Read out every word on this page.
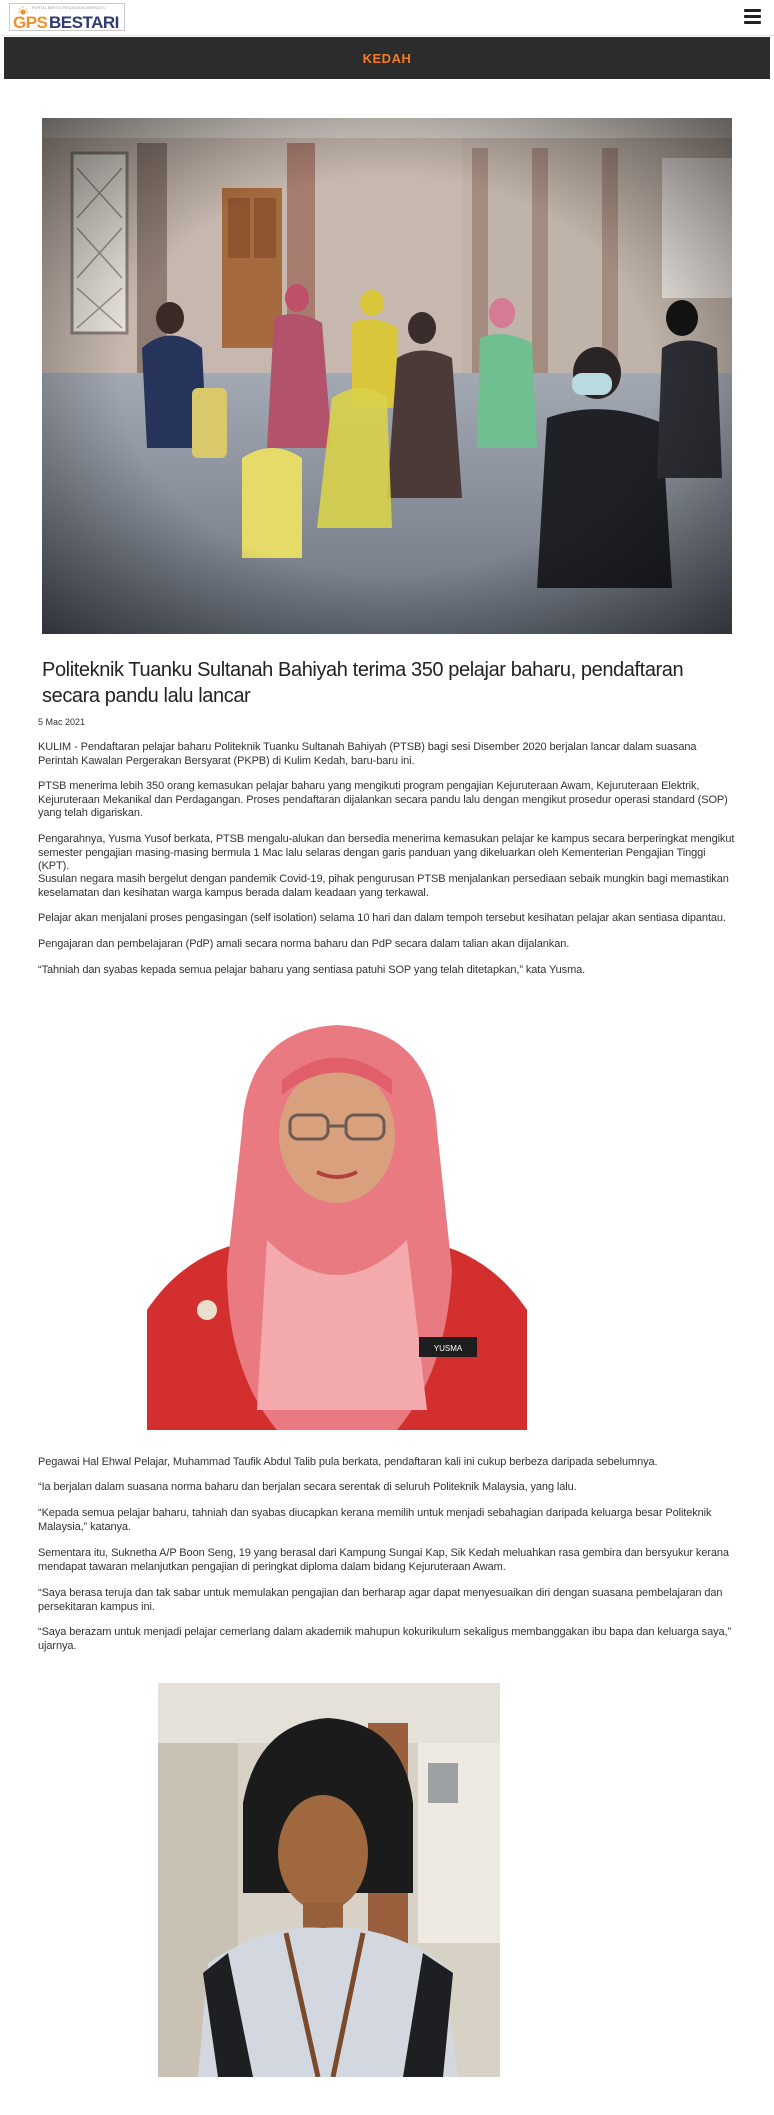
PORTAL BERITA PENDIDIKAN BERMUTU
GPS BESTARI
KEDAH
Politeknik Tuanku Sultanah Bahiyah terima 350 pelajar baharu, pendaftaran secara pandu lalu lancar
5 Mac 2021

KULIM - Pendaftaran pelajar baharu Politeknik Tuanku Sultanah Bahiyah (PTSB) bagi sesi Disember 2020 berjalan lancar dalam suasana Perintah Kawalan Pergerakan Bersyarat (PKPB) di Kulim Kedah, baru-baru ini.

PTSB menerima lebih 350 orang kemasukan pelajar baharu yang mengikuti program pengajian Kejuruteraan Awam, Kejuruteraan Elektrik, Kejuruteraan Mekanikal dan Perdagangan. Proses pendaftaran dijalankan secara pandu lalu dengan mengikut prosedur operasi standard (SOP) yang telah digariskan.

Pengarahnya, Yusma Yusof berkata, PTSB mengalu-alukan dan bersedia menerima kemasukan pelajar ke kampus secara berperingkat mengikut semester pengajian masing-masing bermula 1 Mac lalu selaras dengan garis panduan yang dikeluarkan oleh Kementerian Pengajian Tinggi (KPT).

Susulan negara masih bergelut dengan pandemik Covid-19, pihak pengurusan PTSB menjalankan persediaan sebaik mungkin bagi memastikan keselamatan dan kesihatan warga kampus berada dalam keadaan yang terkawal.

Pelajar akan menjalani proses pengasingan (self isolation) selama 10 hari dan dalam tempoh tersebut kesihatan pelajar akan sentiasa dipantau.

Pengajaran dan pembelajaran (PdP) amali secara norma baharu dan PdP secara dalam talian akan dijalankan.

“Tahniah dan syabas kepada semua pelajar baharu yang sentiasa patuhi SOP yang telah ditetapkan,” kata Yusma.

YUSMA

Pegawai Hal Ehwal Pelajar, Muhammad Taufik Abdul Talib pula berkata, pendaftaran kali ini cukup berbeza daripada sebelumnya.

“Ia berjalan dalam suasana norma baharu dan berjalan secara serentak di seluruh Politeknik Malaysia, yang lalu.

“Kepada semua pelajar baharu, tahniah dan syabas diucapkan kerana memilih untuk menjadi sebahagian daripada keluarga besar Politeknik Malaysia,” katanya.

Sementara itu, Suknetha A/P Boon Seng, 19 yang berasal dari Kampung Sungai Kap, Sik Kedah meluahkan rasa gembira dan bersyukur kerana mendapat tawaran melanjutkan pengajian di peringkat diploma dalam bidang Kejuruteraan Awam.

“Saya berasa teruja dan tak sabar untuk memulakan pengajian dan berharap agar dapat menyesuaikan diri dengan suasana pembelajaran dan persekitaran kampus ini.

“Saya berazam untuk menjadi pelajar cemerlang dalam akademik mahupun kokurikulum sekaligus membanggakan ibu bapa dan keluarga saya,” ujarnya.
